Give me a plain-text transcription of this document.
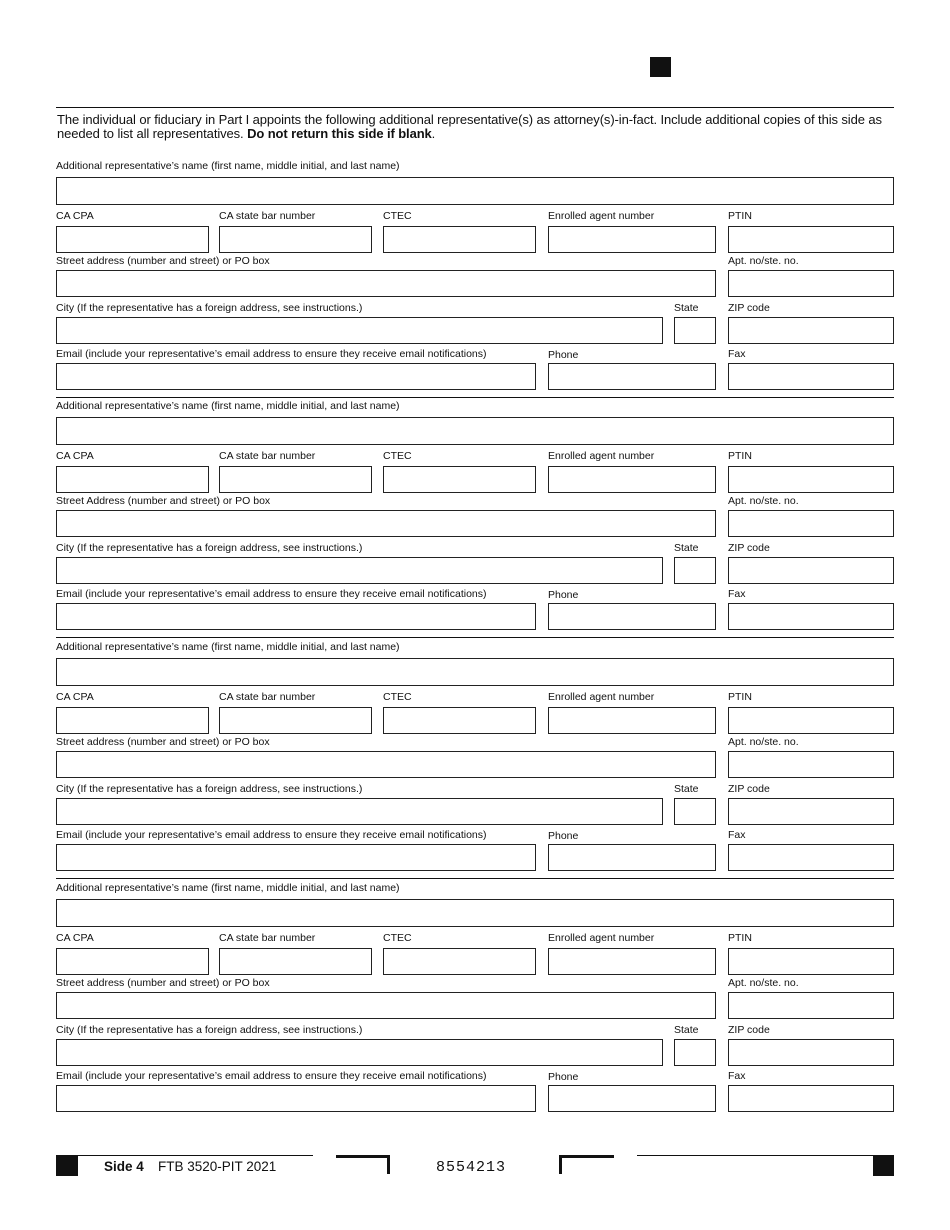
The individual or fiduciary in Part I appoints the following additional representative(s) as attorney(s)-in-fact. Include additional copies of this side as needed to list all representatives. Do not return this side if blank.
Additional representative’s name (first name, middle initial, and last name)
CA CPA	CA state bar number	CTEC	Enrolled agent number	PTIN
Street address (number and street) or PO box	Apt. no/ste. no.
City (If the representative has a foreign address, see instructions.)	State	ZIP code
Email (include your representative’s email address to ensure they receive email notifications)	Phone	Fax
Additional representative’s name (first name, middle initial, and last name)
CA CPA	CA state bar number	CTEC	Enrolled agent number	PTIN
Street Address (number and street) or PO box	Apt. no/ste. no.
City (If the representative has a foreign address, see instructions.)	State	ZIP code
Email (include your representative’s email address to ensure they receive email notifications)	Phone	Fax
Additional representative’s name (first name, middle initial, and last name)
CA CPA	CA state bar number	CTEC	Enrolled agent number	PTIN
Street address (number and street) or PO box	Apt. no/ste. no.
City (If the representative has a foreign address, see instructions.)	State	ZIP code
Email (include your representative’s email address to ensure they receive email notifications)	Phone	Fax
Additional representative’s name (first name, middle initial, and last name)
CA CPA	CA state bar number	CTEC	Enrolled agent number	PTIN
Street address (number and street) or PO box	Apt. no/ste. no.
City (If the representative has a foreign address, see instructions.)	State	ZIP code
Email (include your representative’s email address to ensure they receive email notifications)	Phone	Fax
Side 4 FTB 3520-PIT 2021	8554213
